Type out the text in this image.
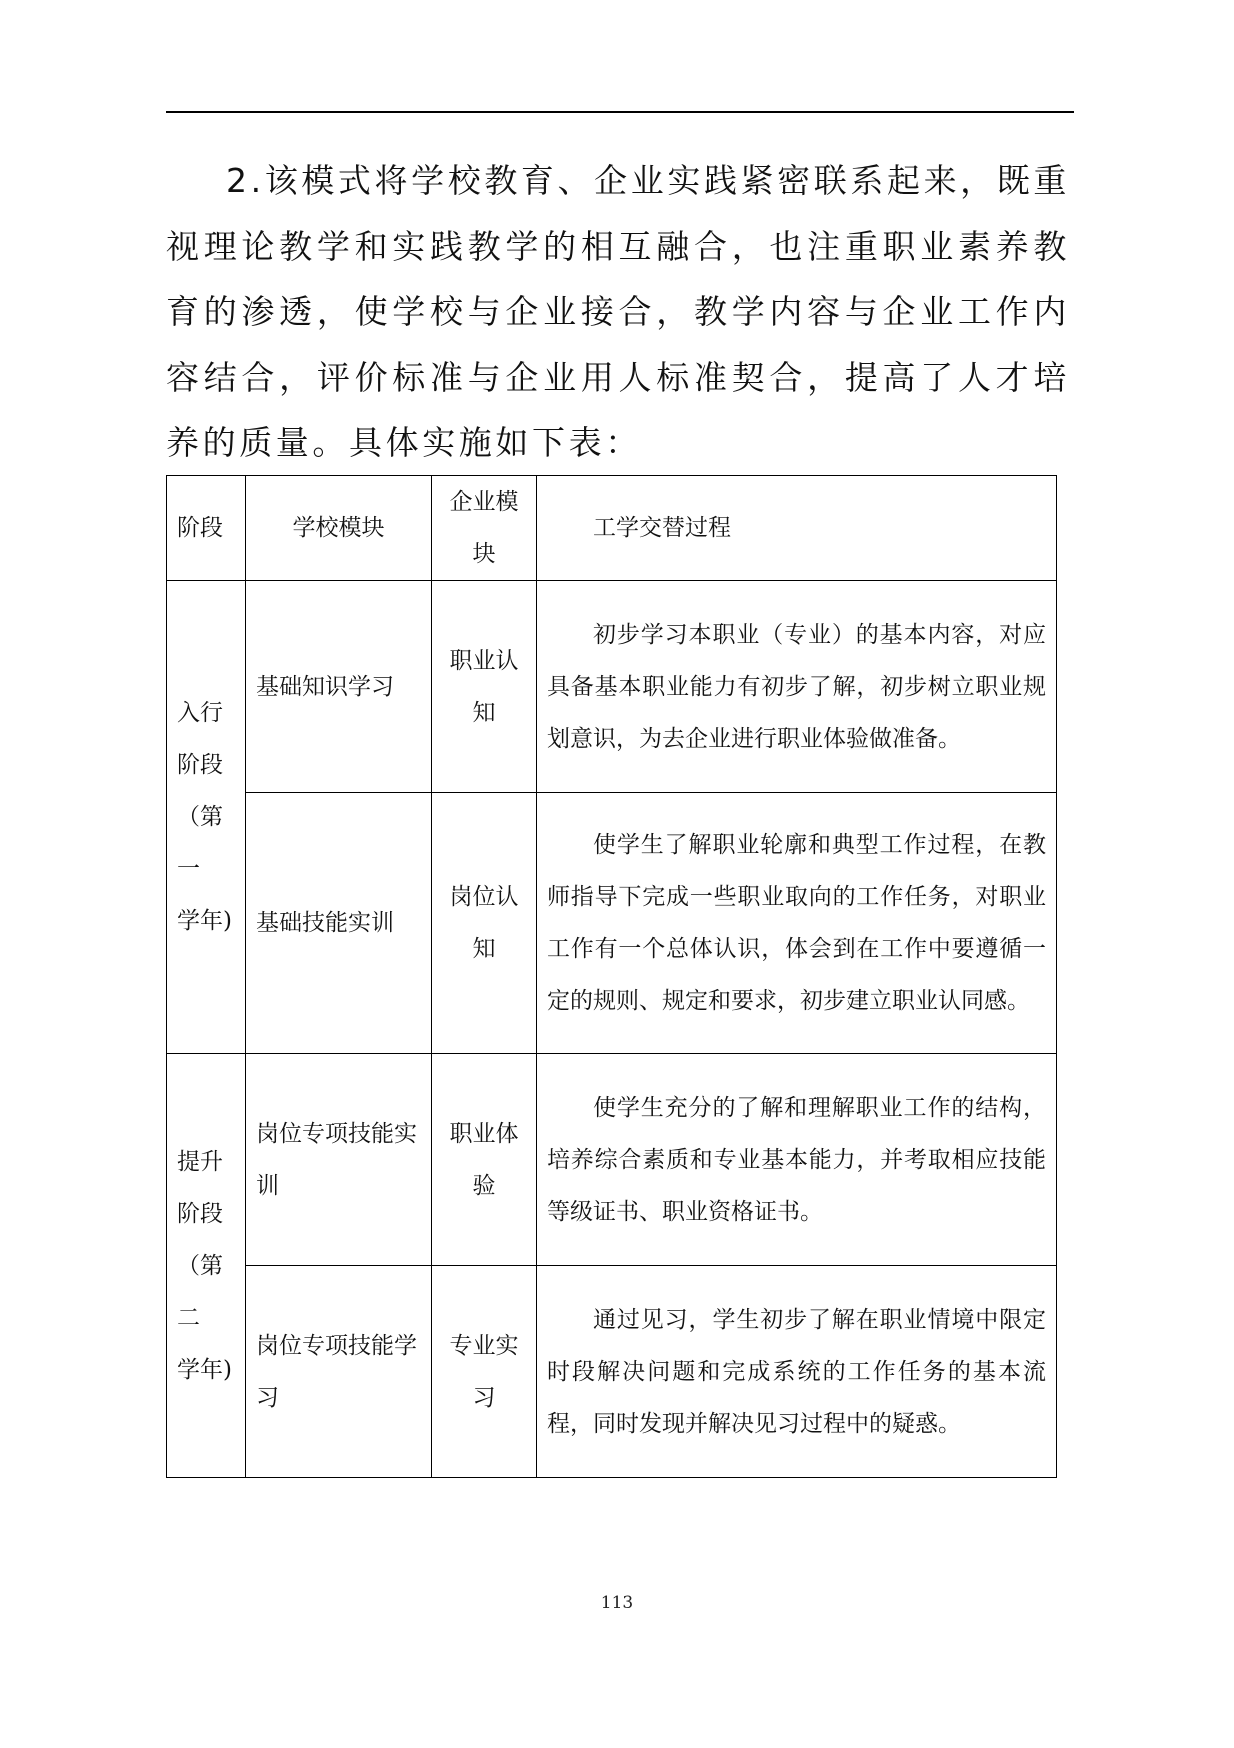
2.该模式将学校教育、企业实践紧密联系起来，既重视理论教学和实践教学的相互融合，也注重职业素养教育的渗透，使学校与企业接合，教学内容与企业工作内容结合，评价标准与企业用人标准契合，提高了人才培养的质量。具体实施如下表：

阶段	学校模块	企业模块	工学交替过程

入行
阶段
（第 一
学年)	基础知识学习	职业认知	初步学习本职业（专业）的基本内容，对应具备基本职业能力有初步了解，初步树立职业规划意识，为去企业进行职业体验做准备。
	基础技能实训	岗位认知	使学生了解职业轮廓和典型工作过程，在教师指导下完成一些职业取向的工作任务，对职业工作有一个总体认识，体会到在工作中要遵循一定的规则、规定和要求，初步建立职业认同感。

提升
阶段
（第 二
学年)	岗位专项技能实训	职业体验	使学生充分的了解和理解职业工作的结构，培养综合素质和专业基本能力，并考取相应技能等级证书、职业资格证书。
	岗位专项技能学习	专业实习	通过见习，学生初步了解在职业情境中限定时段解决问题和完成系统的工作任务的基本流程，同时发现并解决见习过程中的疑惑。
113
